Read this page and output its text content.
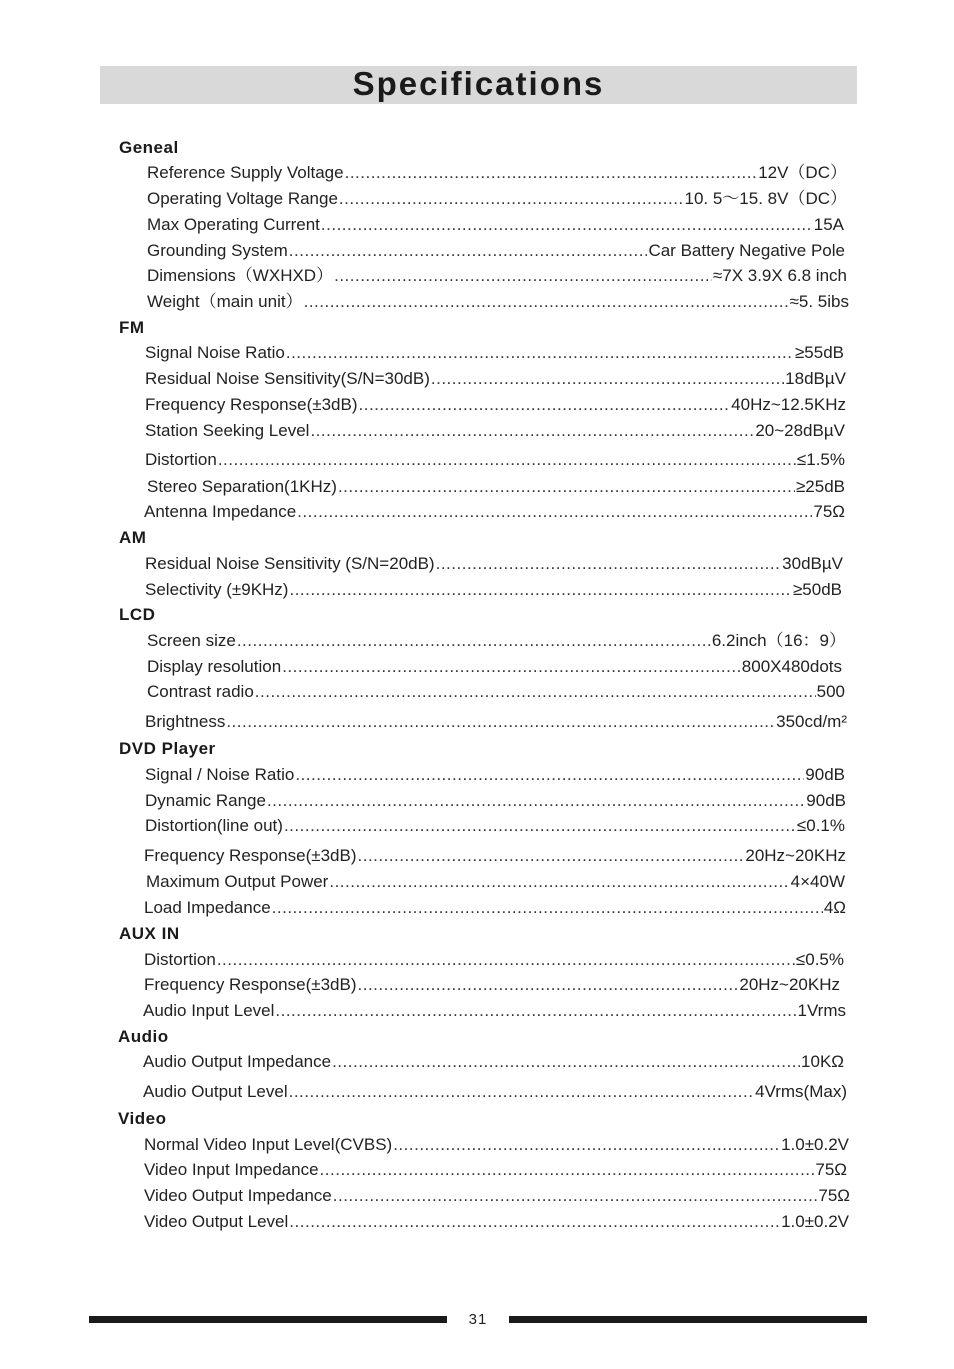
Specifications
Geneal
Reference Supply Voltage .....	12V（DC）
Operating Voltage Range .....	10. 5～15. 8V（DC）
Max Operating Current .....	15A
Grounding System .....	Car Battery Negative Pole
Dimensions（WXHXD） .....	≈7X 3.9X 6.8 inch
Weight（main unit） .....	≈5. 5ibs
FM
Signal Noise Ratio .....	≥55dB
Residual Noise Sensitivity(S/N=30dB) .....	18dBµV
Frequency Response(±3dB) .....	40Hz~12.5KHz
Station Seeking Level .....	20~28dBµV
Distortion .....	≤1.5%
Stereo Separation(1KHz) .....	≥25dB
Antenna Impedance .....	75Ω
AM
Residual Noise Sensitivity (S/N=20dB) .....	30dBµV
Selectivity (±9KHz) .....	≥50dB
LCD
Screen size .....	6.2inch（16：9）
Display resolution .....	800X480dots
Contrast radio .....	500
Brightness .....	350cd/m²
DVD Player
Signal / Noise Ratio .....	90dB
Dynamic Range .....	90dB
Distortion(line out) .....	≤0.1%
Frequency Response(±3dB) .....	20Hz~20KHz
Maximum Output Power .....	4×40W
Load Impedance .....	4Ω
AUX IN
Distortion .....	≤0.5%
Frequency Response(±3dB) .....	20Hz~20KHz
Audio Input Level .....	1Vrms
Audio
Audio Output Impedance .....	10KΩ
Audio Output Level .....	4Vrms(Max)
Video
Normal Video Input Level(CVBS) .....	1.0±0.2V
Video Input Impedance .....	75Ω
Video Output Impedance .....	75Ω
Video Output Level .....	1.0±0.2V
31
